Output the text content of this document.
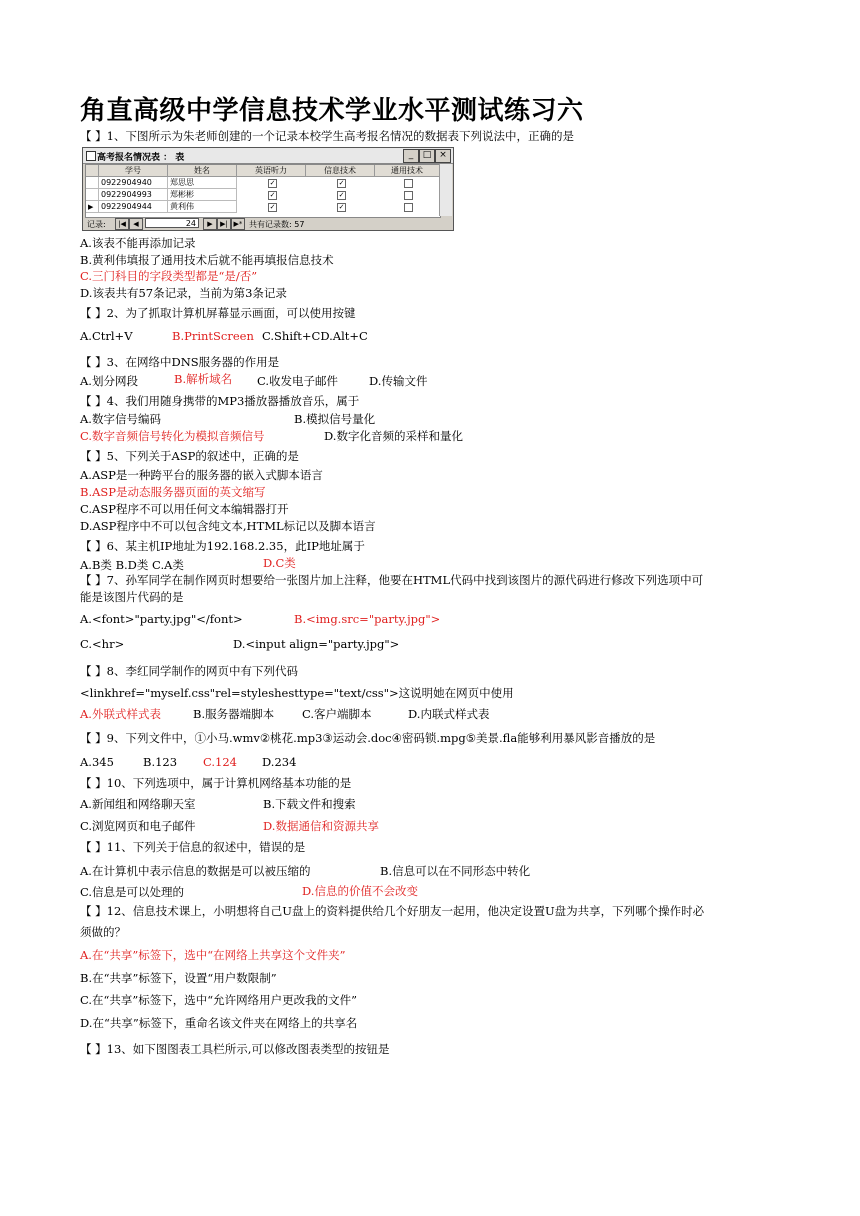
角直高级中学信息技术学业水平测试练习六
【 】1、下图所示为朱老师创建的一个记录本校学生高考报名情况的数据表下列说法中，正确的是
高考报名情况表 ： 表	_	□ ×
学号	姓名	英语听力	信息技术	通用技术
0922904940	郑思思	✓	✓
0922904993	郑彬彬	✓	✓
▶ 0922904944	黄利伟	✓	✓
记录:	|◀	◀	24	▶	▶| ▶* 共有记录数: 57
A.该表不能再添加记录
B.黄利伟填报了通用技术后就不能再填报信息技术
C.三门科目的字段类型都是“是/否”
D.该表共有57条记录，当前为第3条记录
【 】2、为了抓取计算机屏幕显示画面，可以使用按键
A.Ctrl+V	B.PrintScreen C.Shift+CD.Alt+C
【 】3、在网络中DNS服务器的作用是
A.划分网段	B.解析域名 C.收发电子邮件	D.传输文件
【 】4、我们用随身携带的MP3播放器播放音乐，属于
A.数字信号编码	B.模拟信号量化
C.数字音频信号转化为模拟音频信号	D.数字化音频的采样和量化
【 】5、下列关于ASP的叙述中，正确的是
A.ASP是一种跨平台的服务器的嵌入式脚本语言
B.ASP是动态服务器页面的英文缩写
C.ASP程序不可以用任何文本编辑器打开
D.ASP程序中不可以包含纯文本,HTML标记以及脚本语言
【 】6、某主机IP地址为192.168.2.35，此IP地址属于
A.B类 B.D类 C.A类	D.C类
【 】7、孙军同学在制作网页时想要给一张图片加上注释，他要在HTML代码中找到该图片的源代码进行修改下列选项中可
能是该图片代码的是
A.<font>"party.jpg"</font>	B.<img.src="party.jpg">
C.<hr>	D.<input align="party.jpg">
【 】8、李红同学制作的网页中有下列代码
<linkhref="myself.css"rel=styleshesttype="text/css">这说明她在网页中使用
A.外联式样式表	B.服务器端脚本 C.客户端脚本	D.内联式样式表
【 】9、下列文件中，①小马.wmv②桃花.mp3③运动会.doc④密码锁.mpg⑤美景.fla能够利用暴风影音播放的是
A.345	B.123 C.124 D.234
【 】10、下列选项中，属于计算机网络基本功能的是
A.新闻组和网络聊天室	B.下载文件和搜索
C.浏览网页和电子邮件	D.数据通信和资源共享
【 】11、下列关于信息的叙述中，错误的是
A.在计算机中表示信息的数据是可以被压缩的	B.信息可以在不同形态中转化
C.信息是可以处理的	D.信息的价值不会改变
【 】12、信息技术课上，小明想将自己U盘上的资料提供给几个好朋友一起用，他决定设置U盘为共享，下列哪个操作时必
须做的？
A.在“共享”标签下，选中“在网络上共享这个文件夹”
B.在“共享”标签下，设置“用户数限制”
C.在“共享”标签下，选中“允许网络用户更改我的文件”
D.在“共享”标签下，重命名该文件夹在网络上的共享名
【 】13、如下图图表工具栏所示,可以修改图表类型的按钮是
